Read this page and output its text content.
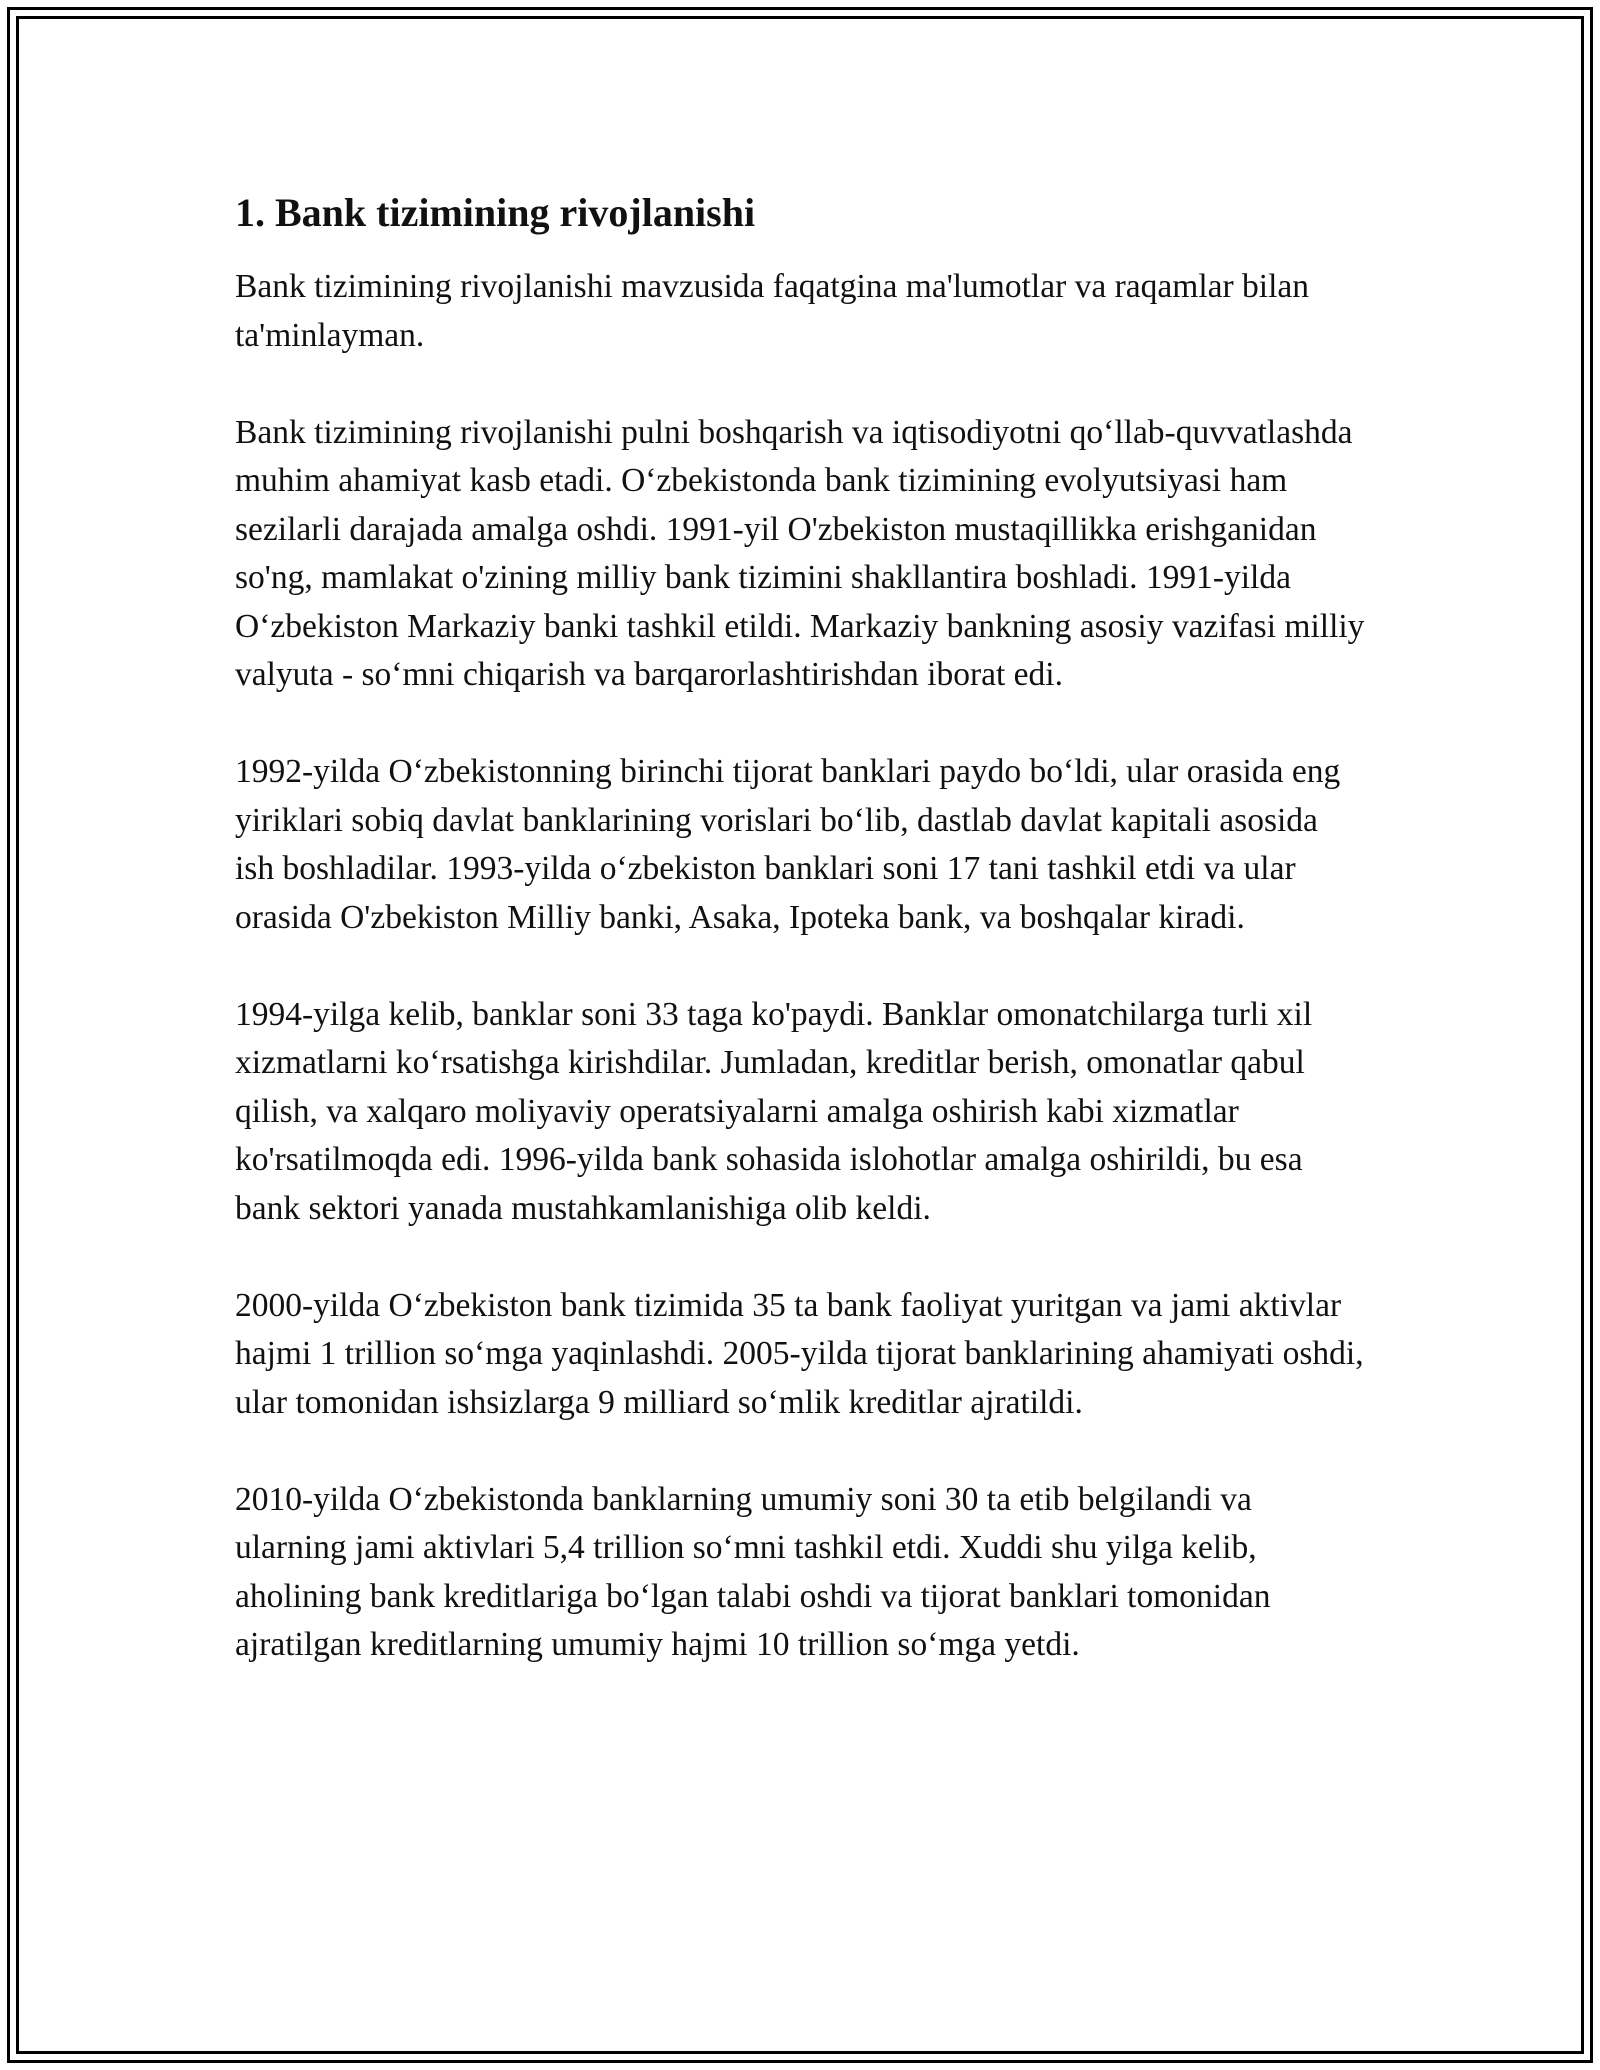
1. Bank tizimining rivojlanishi

Bank tizimining rivojlanishi mavzusida faqatgina ma'lumotlar va raqamlar bilan ta'minlayman.

Bank tizimining rivojlanishi pulni boshqarish va iqtisodiyotni qo‘llab-quvvatlashda muhim ahamiyat kasb etadi. O‘zbekistonda bank tizimining evolyutsiyasi ham sezilarli darajada amalga oshdi. 1991-yil O'zbekiston mustaqillikka erishganidan so'ng, mamlakat o'zining milliy bank tizimini shakllantira boshladi. 1991-yilda O‘zbekiston Markaziy banki tashkil etildi. Markaziy bankning asosiy vazifasi milliy valyuta - so‘mni chiqarish va barqarorlashtirishdan iborat edi.

1992-yilda O‘zbekistonning birinchi tijorat banklari paydo bo‘ldi, ular orasida eng yiriklari sobiq davlat banklarining vorislari bo‘lib, dastlab davlat kapitali asosida ish boshladilar. 1993-yilda o‘zbekiston banklari soni 17 tani tashkil etdi va ular orasida O'zbekiston Milliy banki, Asaka, Ipoteka bank, va boshqalar kiradi.

1994-yilga kelib, banklar soni 33 taga ko'paydi. Banklar omonatchilarga turli xil xizmatlarni ko‘rsatishga kirishdilar. Jumladan, kreditlar berish, omonatlar qabul qilish, va xalqaro moliyaviy operatsiyalarni amalga oshirish kabi xizmatlar ko'rsatilmoqda edi. 1996-yilda bank sohasida islohotlar amalga oshirildi, bu esa bank sektori yanada mustahkamlanishiga olib keldi.

2000-yilda O‘zbekiston bank tizimida 35 ta bank faoliyat yuritgan va jami aktivlar hajmi 1 trillion so‘mga yaqinlashdi. 2005-yilda tijorat banklarining ahamiyati oshdi, ular tomonidan ishsizlarga 9 milliard so‘mlik kreditlar ajratildi.

2010-yilda O‘zbekistonda banklarning umumiy soni 30 ta etib belgilandi va ularning jami aktivlari 5,4 trillion so‘mni tashkil etdi. Xuddi shu yilga kelib, aholining bank kreditlariga bo‘lgan talabi oshdi va tijorat banklari tomonidan ajratilgan kreditlarning umumiy hajmi 10 trillion so‘mga yetdi.
